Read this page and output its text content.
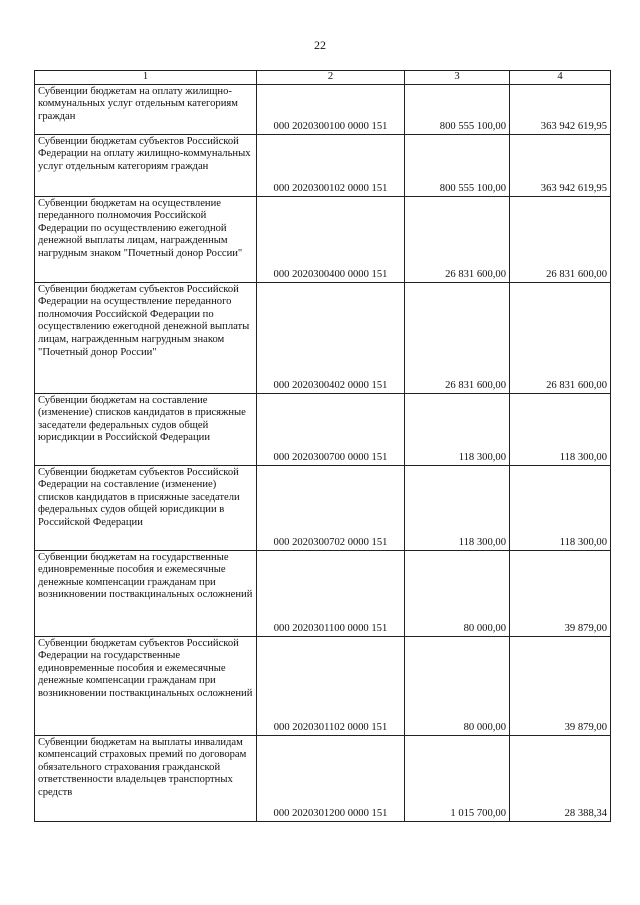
22
1	2	3	4
Субвенции бюджетам на оплату жилищно-коммунальных услуг отдельным категориям граждан	000 2020300100 0000 151	800 555 100,00	363 942 619,95
Субвенции бюджетам субъектов Российской Федерации на оплату жилищно-коммунальных услуг отдельным категориям граждан	000 2020300102 0000 151	800 555 100,00	363 942 619,95
Субвенции бюджетам на осуществление переданного полномочия Российской Федерации по осуществлению ежегодной денежной выплаты лицам, награжденным нагрудным знаком "Почетный донор России"	000 2020300400 0000 151	26 831 600,00	26 831 600,00
Субвенции бюджетам субъектов Российской Федерации на осуществление переданного полномочия Российской Федерации по осуществлению ежегодной денежной выплаты лицам, награжденным нагрудным знаком "Почетный донор России"	000 2020300402 0000 151	26 831 600,00	26 831 600,00
Субвенции бюджетам на составление (изменение) списков кандидатов в присяжные заседатели федеральных судов общей юрисдикции в Российской Федерации	000 2020300700 0000 151	118 300,00	118 300,00
Субвенции бюджетам субъектов Российской Федерации на составление (изменение) списков кандидатов в присяжные заседатели федеральных судов общей юрисдикции в Российской Федерации	000 2020300702 0000 151	118 300,00	118 300,00
Субвенции бюджетам на государственные единовременные пособия и ежемесячные денежные компенсации гражданам при возникновении поствакцинальных осложнений	000 2020301100 0000 151	80 000,00	39 879,00
Субвенции бюджетам субъектов Российской Федерации на государственные единовременные пособия и ежемесячные денежные компенсации гражданам при возникновении поствакцинальных осложнений	000 2020301102 0000 151	80 000,00	39 879,00
Субвенции бюджетам на выплаты инвалидам компенсаций страховых премий по договорам обязательного страхования гражданской ответственности владельцев транспортных средств	000 2020301200 0000 151	1 015 700,00	28 388,34
